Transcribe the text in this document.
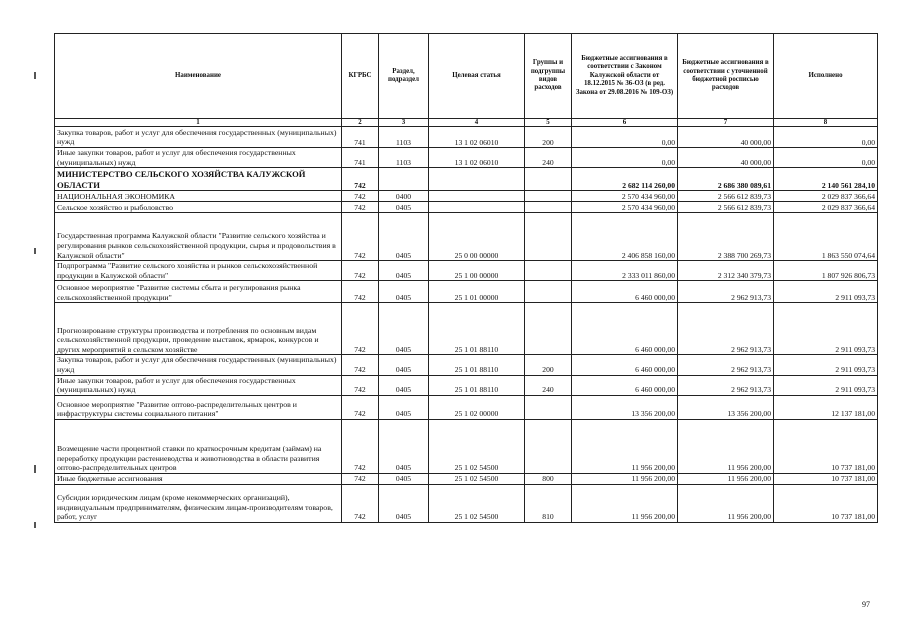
Наименование	КГРБС	Раздел, подраздел	Целевая статья	Группы и подгруппы видов расходов	Бюджетные ассигнования в соответствии с Законом Калужской области от 18.12.2015 № 36-ОЗ (в ред. Закона от 29.08.2016 № 109-ОЗ)	Бюджетные ассигнования в соответствии с уточненной бюджетной росписью расходов	Исполнено
1	2	3	4	5	6	7	8
Закупка товаров, работ и услуг для обеспечения государственных (муниципальных) нужд	741	1103	13 1 02 06010	200	0,00	40 000,00	0,00
Иные закупки товаров, работ и услуг для обеспечения государственных (муниципальных) нужд	741	1103	13 1 02 06010	240	0,00	40 000,00	0,00
МИНИСТЕРСТВО СЕЛЬСКОГО ХОЗЯЙСТВА КАЛУЖСКОЙ ОБЛАСТИ	742				2 682 114 260,00	2 686 380 089,61	2 140 561 284,10
НАЦИОНАЛЬНАЯ ЭКОНОМИКА	742	0400			2 570 434 960,00	2 566 612 839,73	2 029 837 366,64
Сельское хозяйство и рыболовство	742	0405			2 570 434 960,00	2 566 612 839,73	2 029 837 366,64
Государственная программа Калужской области "Развитие сельского хозяйства и регулирования рынков сельскохозяйственной продукции, сырья и продовольствия в Калужской области"	742	0405	25 0 00 00000		2 406 858 160,00	2 388 700 269,73	1 863 550 074,64
Подпрограмма "Развитие сельского хозяйства и рынков сельскохозяйственной продукции в Калужской области"	742	0405	25 1 00 00000		2 333 011 860,00	2 312 340 379,73	1 807 926 806,73
Основное мероприятие "Развитие системы сбыта и регулирования рынка сельскохозяйственной продукции"	742	0405	25 1 01 00000		6 460 000,00	2 962 913,73	2 911 093,73
Прогнозирование структуры производства и потребления по основным видам сельскохозяйственной продукции, проведение выставок, ярмарок, конкурсов и других мероприятий в сельском хозяйстве	742	0405	25 1 01 88110		6 460 000,00	2 962 913,73	2 911 093,73
Закупка товаров, работ и услуг для обеспечения государственных (муниципальных) нужд	742	0405	25 1 01 88110	200	6 460 000,00	2 962 913,73	2 911 093,73
Иные закупки товаров, работ и услуг для обеспечения государственных (муниципальных) нужд	742	0405	25 1 01 88110	240	6 460 000,00	2 962 913,73	2 911 093,73
Основное мероприятие "Развитие оптово-распределительных центров и инфраструктуры системы социального питания"	742	0405	25 1 02 00000		13 356 200,00	13 356 200,00	12 137 181,00
Возмещение части процентной ставки по краткосрочным кредитам (займам) на переработку продукции растениеводства и животноводства в области развития оптово-распределительных центров	742	0405	25 1 02 54500		11 956 200,00	11 956 200,00	10 737 181,00
Иные бюджетные ассигнования	742	0405	25 1 02 54500	800	11 956 200,00	11 956 200,00	10 737 181,00
Субсидии юридическим лицам (кроме некоммерческих организаций), индивидуальным предпринимателям, физическим лицам-производителям товаров, работ, услуг	742	0405	25 1 02 54500	810	11 956 200,00	11 956 200,00	10 737 181,00
97
